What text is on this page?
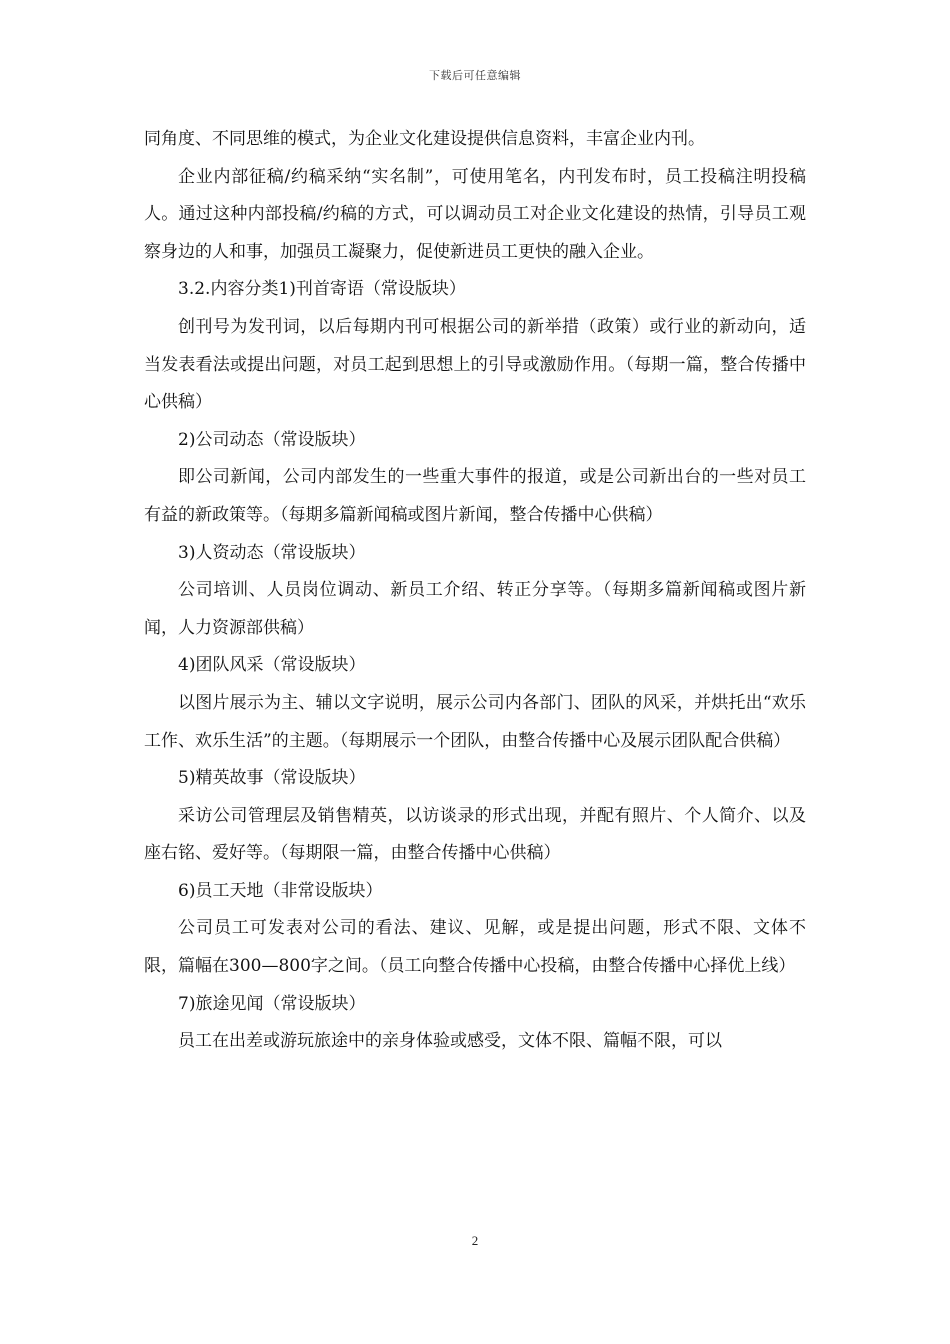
下载后可任意编辑

同角度、不同思维的模式，为企业文化建设提供信息资料，丰富企业内刊。

企业内部征稿/约稿采纳“实名制”，可使用笔名，内刊发布时，员工投稿注明投稿人。通过这种内部投稿/约稿的方式，可以调动员工对企业文化建设的热情，引导员工观察身边的人和事，加强员工凝聚力，促使新进员工更快的融入企业。

3.2.内容分类1)刊首寄语（常设版块）

创刊号为发刊词，以后每期内刊可根据公司的新举措（政策）或行业的新动向，适当发表看法或提出问题，对员工起到思想上的引导或激励作用。（每期一篇，整合传播中心供稿）

2)公司动态（常设版块）

即公司新闻，公司内部发生的一些重大事件的报道，或是公司新出台的一些对员工有益的新政策等。（每期多篇新闻稿或图片新闻，整合传播中心供稿）

3)人资动态（常设版块）

公司培训、人员岗位调动、新员工介绍、转正分享等。（每期多篇新闻稿或图片新闻，人力资源部供稿）

4)团队风采（常设版块）

以图片展示为主、辅以文字说明，展示公司内各部门、团队的风采，并烘托出“欢乐工作、欢乐生活”的主题。（每期展示一个团队，由整合传播中心及展示团队配合供稿）

5)精英故事（常设版块）

采访公司管理层及销售精英，以访谈录的形式出现，并配有照片、个人简介、以及座右铭、爱好等。（每期限一篇，由整合传播中心供稿）

6)员工天地（非常设版块）

公司员工可发表对公司的看法、建议、见解，或是提出问题，形式不限、文体不限，篇幅在300—800字之间。（员工向整合传播中心投稿，由整合传播中心择优上线）

7)旅途见闻（常设版块）

员工在出差或游玩旅途中的亲身体验或感受，文体不限、篇幅不限，可以

2
